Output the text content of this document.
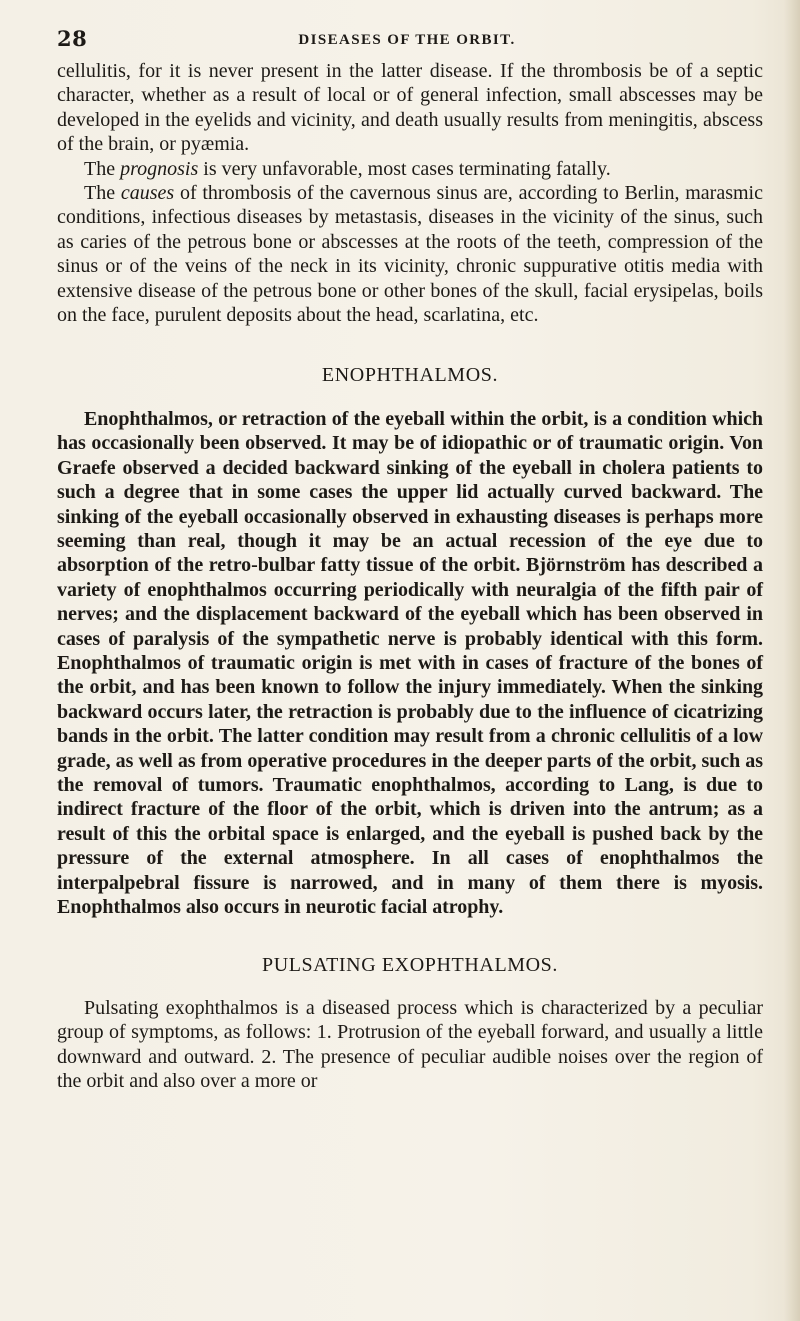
28	DISEASES OF THE ORBIT.

cellulitis, for it is never present in the latter disease. If the thrombosis be of a septic character, whether as a result of local or of general infection, small abscesses may be developed in the eyelids and vicinity, and death usually results from meningitis, abscess of the brain, or pyæmia.

The prognosis is very unfavorable, most cases terminating fatally.

The causes of thrombosis of the cavernous sinus are, according to Berlin, marasmic conditions, infectious diseases by metastasis, diseases in the vicinity of the sinus, such as caries of the petrous bone or abscesses at the roots of the teeth, compression of the sinus or of the veins of the neck in its vicinity, chronic suppurative otitis media with extensive disease of the petrous bone or other bones of the skull, facial erysipelas, boils on the face, purulent deposits about the head, scarlatina, etc.

ENOPHTHALMOS.

Enophthalmos, or retraction of the eyeball within the orbit, is a condition which has occasionally been observed. It may be of idiopathic or of traumatic origin. Von Graefe observed a decided backward sinking of the eyeball in cholera patients to such a degree that in some cases the upper lid actually curved backward. The sinking of the eyeball occasionally observed in exhausting diseases is perhaps more seeming than real, though it may be an actual recession of the eye due to absorption of the retro-bulbar fatty tissue of the orbit. Björnström has described a variety of enophthalmos occurring periodically with neuralgia of the fifth pair of nerves; and the displacement backward of the eyeball which has been observed in cases of paralysis of the sympathetic nerve is probably identical with this form. Enophthalmos of traumatic origin is met with in cases of fracture of the bones of the orbit, and has been known to follow the injury immediately. When the sinking backward occurs later, the retraction is probably due to the influence of cicatrizing bands in the orbit. The latter condition may result from a chronic cellulitis of a low grade, as well as from operative procedures in the deeper parts of the orbit, such as the removal of tumors. Traumatic enophthalmos, according to Lang, is due to indirect fracture of the floor of the orbit, which is driven into the antrum; as a result of this the orbital space is enlarged, and the eyeball is pushed back by the pressure of the external atmosphere. In all cases of enophthalmos the interpalpebral fissure is narrowed, and in many of them there is myosis. Enophthalmos also occurs in neurotic facial atrophy.

PULSATING EXOPHTHALMOS.

Pulsating exophthalmos is a diseased process which is characterized by a peculiar group of symptoms, as follows: 1. Protrusion of the eyeball forward, and usually a little downward and outward. 2. The presence of peculiar audible noises over the region of the orbit and also over a more or
